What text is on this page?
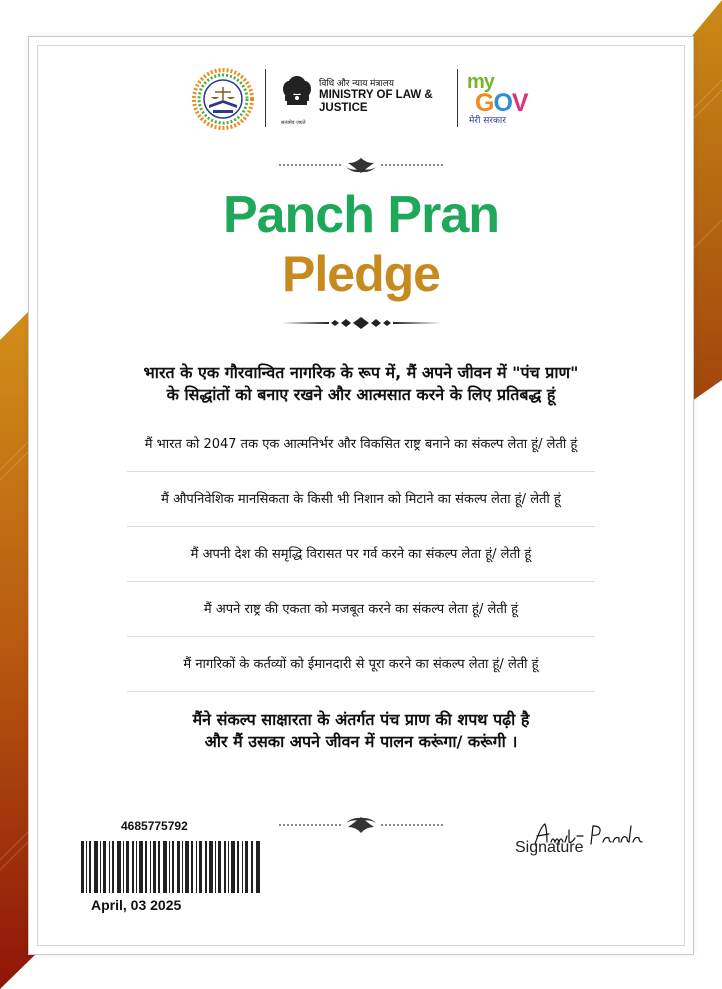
सत्यमेव जयते
विधि और न्याय मंत्रालय
MINISTRY OF LAW &
JUSTICE
my
GOV
मेरी सरकार
Panch Pran
Pledge
भारत के एक गौरवान्वित नागरिक के रूप में, मैं अपने जीवन में "पंच प्राण"
के सिद्धांतों को बनाए रखने और आत्मसात करने के लिए प्रतिबद्ध हूं
मैं भारत को 2047 तक एक आत्मनिर्भर और विकसित राष्ट्र बनाने का संकल्प लेता हूं/ लेती हूं
मैं औपनिवेशिक मानसिकता के किसी भी निशान को मिटाने का संकल्प लेता हूं/ लेती हूं
मैं अपनी देश की समृद्धि विरासत पर गर्व करने का संकल्प लेता हूं/ लेती हूं
मैं अपने राष्ट्र की एकता को मजबूत करने का संकल्प लेता हूं/ लेती हूं
मैं नागरिकों के कर्तव्यों को ईमानदारी से पूरा करने का संकल्प लेता हूं/ लेती हूं
मैंने संकल्प साक्षारता के अंतर्गत पंच प्राण की शपथ पढ़ी है
और मैं उसका अपने जीवन में पालन करूंगा/ करूंगी ।
4685775792
April, 03 2025
Signature
